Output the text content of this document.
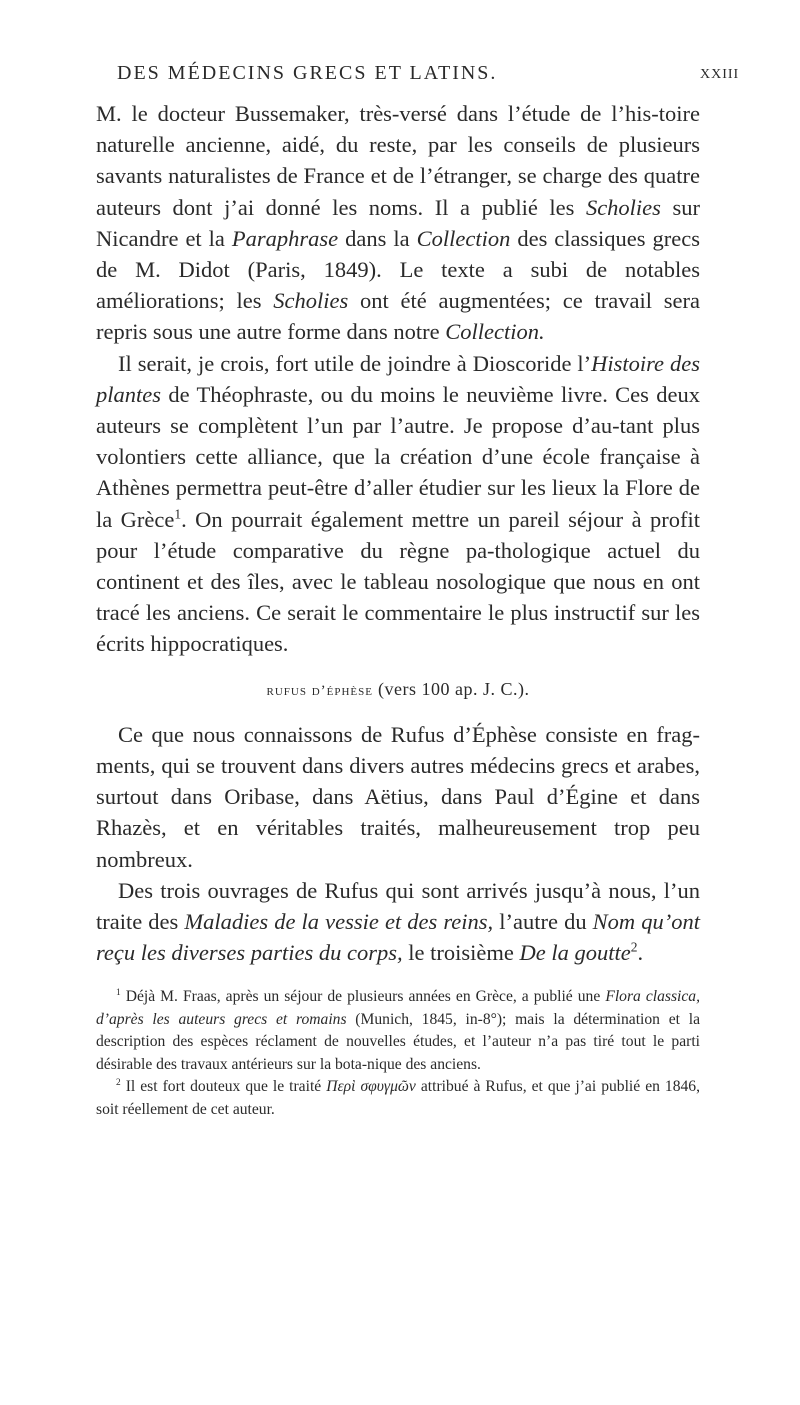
DES MÉDECINS GRECS ET LATINS.	XXIII

M. le docteur Bussemaker, très-versé dans l’étude de l’his-toire naturelle ancienne, aidé, du reste, par les conseils de plusieurs savants naturalistes de France et de l’étranger, se charge des quatre auteurs dont j’ai donné les noms. Il a publié les Scholies sur Nicandre et la Paraphrase dans la Collection des classiques grecs de M. Didot (Paris, 1849). Le texte a subi de notables améliorations; les Scholies ont été augmentées; ce travail sera repris sous une autre forme dans notre Collection.

Il serait, je crois, fort utile de joindre à Dioscoride l’Histoire des plantes de Théophraste, ou du moins le neuvième livre. Ces deux auteurs se complètent l’un par l’autre. Je propose d’au-tant plus volontiers cette alliance, que la création d’une école française à Athènes permettra peut-être d’aller étudier sur les lieux la Flore de la Grèce$^1$. On pourrait également mettre un pareil séjour à profit pour l’étude comparative du règne pa-thologique actuel du continent et des îles, avec le tableau nosologique que nous en ont tracé les anciens. Ce serait le commentaire le plus instructif sur les écrits hippocratiques.

rufus d’éphèse (vers 100 ap. J. C.).

Ce que nous connaissons de Rufus d’Éphèse consiste en frag-ments, qui se trouvent dans divers autres médecins grecs et arabes, surtout dans Oribase, dans Aëtius, dans Paul d’Égine et dans Rhazès, et en véritables traités, malheureusement trop peu nombreux.

Des trois ouvrages de Rufus qui sont arrivés jusqu’à nous, l’un traite des Maladies de la vessie et des reins, l’autre du Nom qu’ont reçu les diverses parties du corps, le troisième De la goutte$^2$.

$^1$ Déjà M. Fraas, après un séjour de plusieurs années en Grèce, a publié une Flora classica, d’après les auteurs grecs et romains (Munich, 1845, in-8°); mais la détermination et la description des espèces réclament de nouvelles études, et l’auteur n’a pas tiré tout le parti désirable des travaux antérieurs sur la bota-nique des anciens.

$^2$ Il est fort douteux que le traité Περὶ σφυγμῶν attribué à Rufus, et que j’ai publié en 1846, soit réellement de cet auteur.
